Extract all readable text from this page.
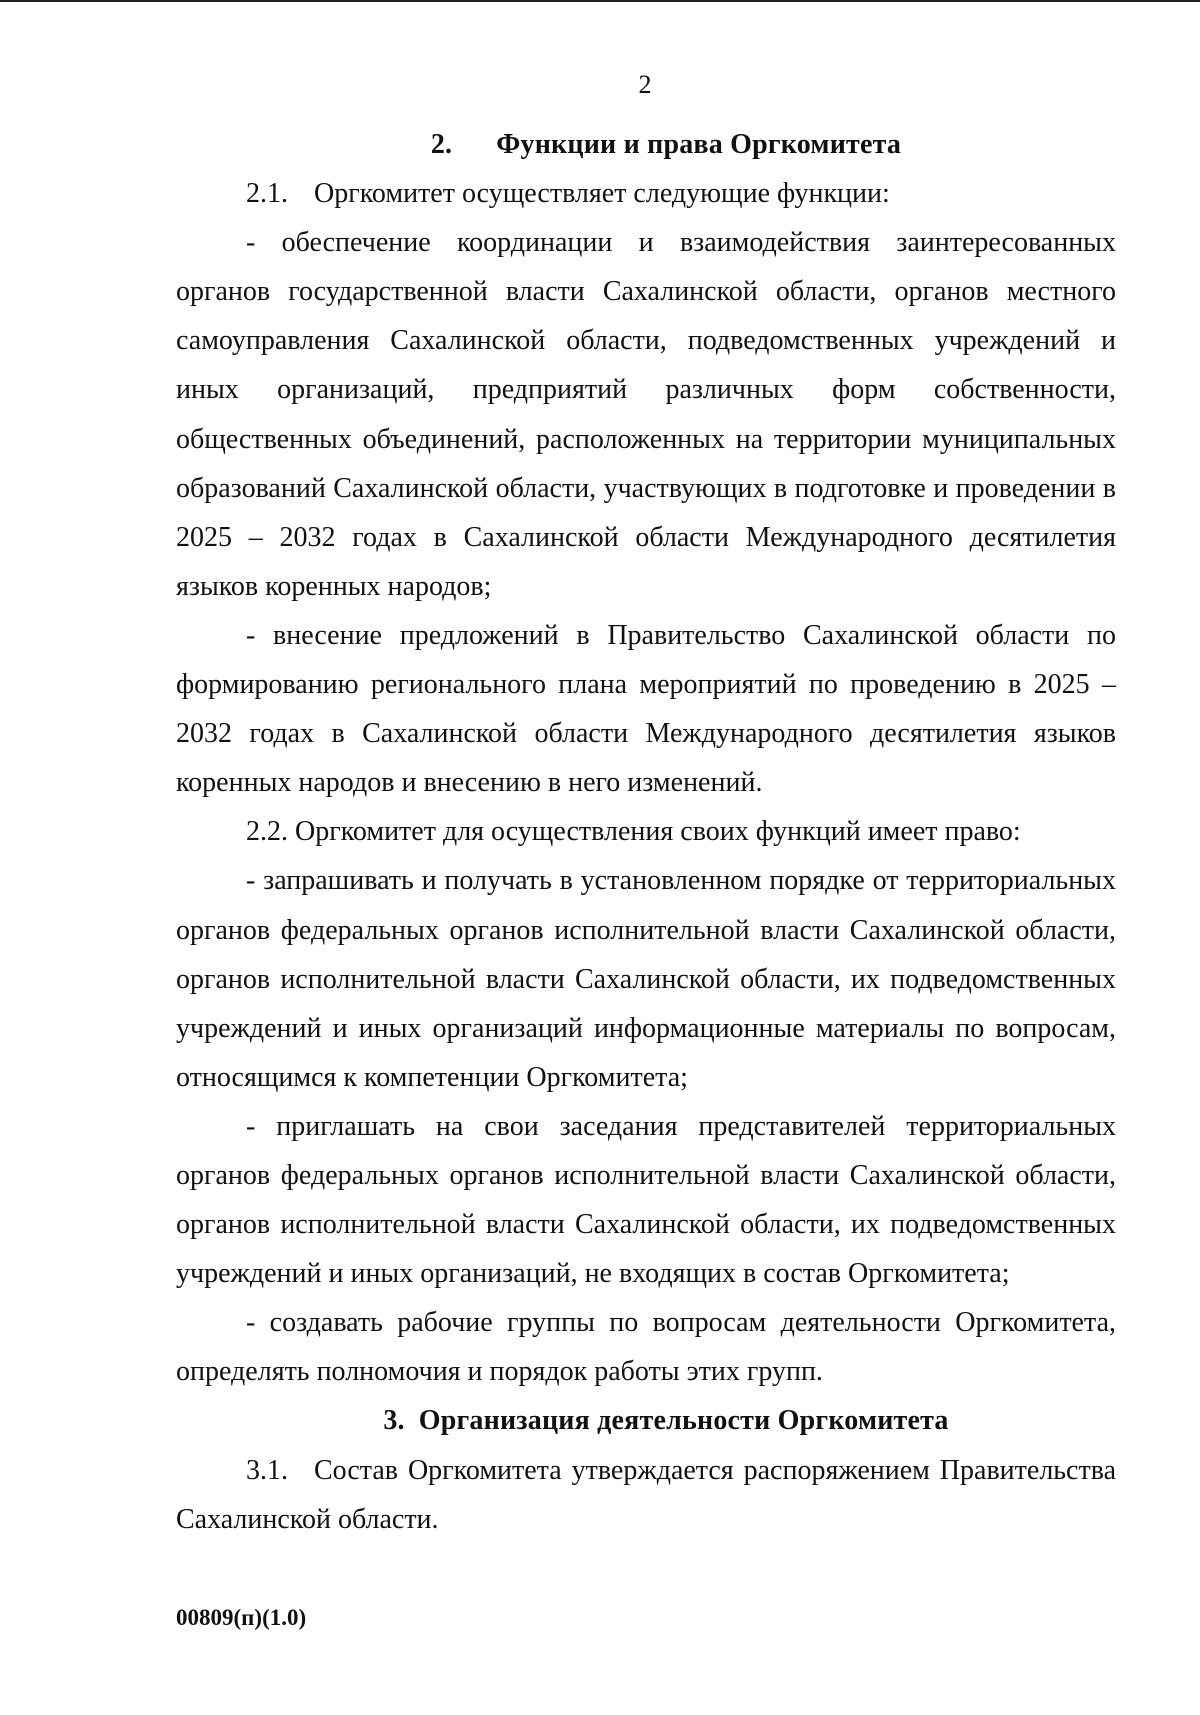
2
2. Функции и права Оргкомитета

2.1. Оргкомитет осуществляет следующие функции:

- обеспечение координации и взаимодействия заинтересованных органов государственной власти Сахалинской области, органов местного самоуправления Сахалинской области, подведомственных учреждений и иных организаций, предприятий различных форм собственности, общественных объединений, расположенных на территории муниципальных образований Сахалинской области, участвующих в подготовке и проведении в 2025 – 2032 годах в Сахалинской области Международного десятилетия языков коренных народов;

- внесение предложений в Правительство Сахалинской области по формированию регионального плана мероприятий по проведению в 2025 – 2032 годах в Сахалинской области Международного десятилетия языков коренных народов и внесению в него изменений.

2.2. Оргкомитет для осуществления своих функций имеет право:

- запрашивать и получать в установленном порядке от территориальных органов федеральных органов исполнительной власти Сахалинской области, органов исполнительной власти Сахалинской области, их подведомственных учреждений и иных организаций информационные материалы по вопросам, относящимся к компетенции Оргкомитета;

- приглашать на свои заседания представителей территориальных органов федеральных органов исполнительной власти Сахалинской области, органов исполнительной власти Сахалинской области, их подведомственных учреждений и иных организаций, не входящих в состав Оргкомитета;

- создавать рабочие группы по вопросам деятельности Оргкомитета, определять полномочия и порядок работы этих групп.

3. Организация деятельности Оргкомитета

3.1. Состав Оргкомитета утверждается распоряжением Правительства Сахалинской области.

00809(п)(1.0)
